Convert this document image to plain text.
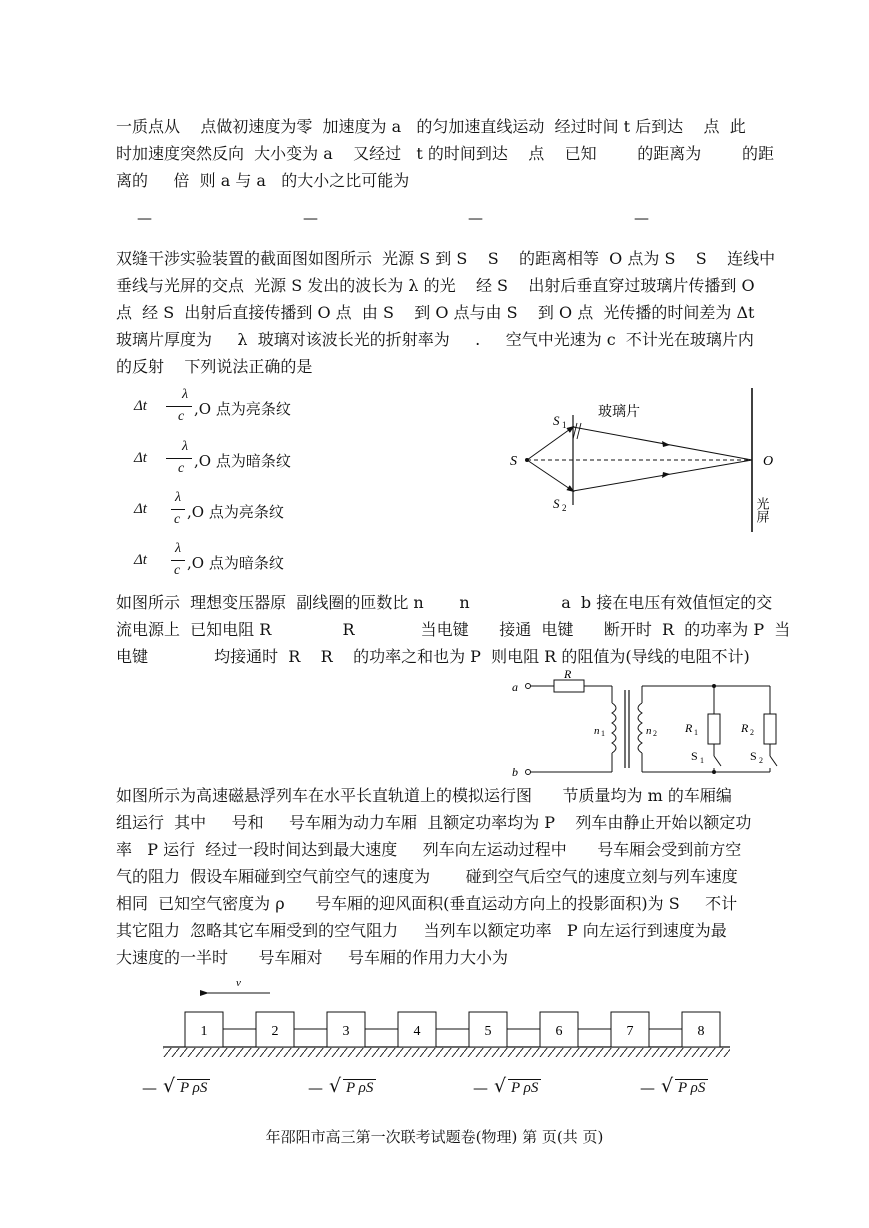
一质点从    点做初速度为零  加速度为 a   的匀加速直线运动  经过时间 t 后到达    点  此
时加速度突然反向  大小变为 a    又经过   t 的时间到达    点    已知        的距离为        的距
离的     倍  则 a 与 a   的大小之比可能为
—	—	—	—
双缝干涉实验装置的截面图如图所示  光源 S 到 S    S    的距离相等  O 点为 S    S    连线中
垂线与光屏的交点  光源 S 发出的波长为 λ 的光    经 S    出射后垂直穿过玻璃片传播到 O
点  经 S  出射后直接传播到 O 点  由 S    到 O 点与由 S    到 O 点  光传播的时间差为 Δt
玻璃片厚度为     λ  玻璃对该波长光的折射率为     .     空气中光速为 c  不计光在玻璃片内
的反射    下列说法正确的是
Δt
λ
c ,O 点为亮条纹
Δt
λ
c ,O 点为暗条纹
Δt
λ
c ,O 点为亮条纹
Δt
λ
c ,O 点为暗条纹
S
S 1
S 2
玻璃片
O
光屏
如图所示  理想变压器原  副线圈的匝数比 n       n                  a  b 接在电压有效值恒定的交
流电源上  已知电阻 R              R             当电键      接通  电键      断开时  R  的功率为 P  当
电键             均接通时  R    R    的功率之和也为 P  则电阻 R 的阻值为(导线的电阻不计)
a
b
R
n 1	n 2 R 1	R 2
S 1	S 2
如图所示为高速磁悬浮列车在水平长直轨道上的模拟运行图      节质量均为 m 的车厢编
组运行  其中     号和     号车厢为动力车厢  且额定功率均为 P    列车由静止开始以额定功
率   P 运行  经过一段时间达到最大速度     列车向左运动过程中      号车厢会受到前方空
气的阻力  假设车厢碰到空气前空气的速度为       碰到空气后空气的速度立刻与列车速度
相同  已知空气密度为 ρ      号车厢的迎风面积(垂直运动方向上的投影面积)为 S     不计
其它阻力  忽略其它车厢受到的空气阻力     当列车以额定功率   P 向左运行到速度为最
大速度的一半时      号车厢对     号车厢的作用力大小为
v
1	2	3	4	5	6	7	8
— √ P ρS	— √ P ρS	— √ P ρS	— √ P ρS
年邵阳市高三第一次联考试题卷(物理) 第 页(共 页)
